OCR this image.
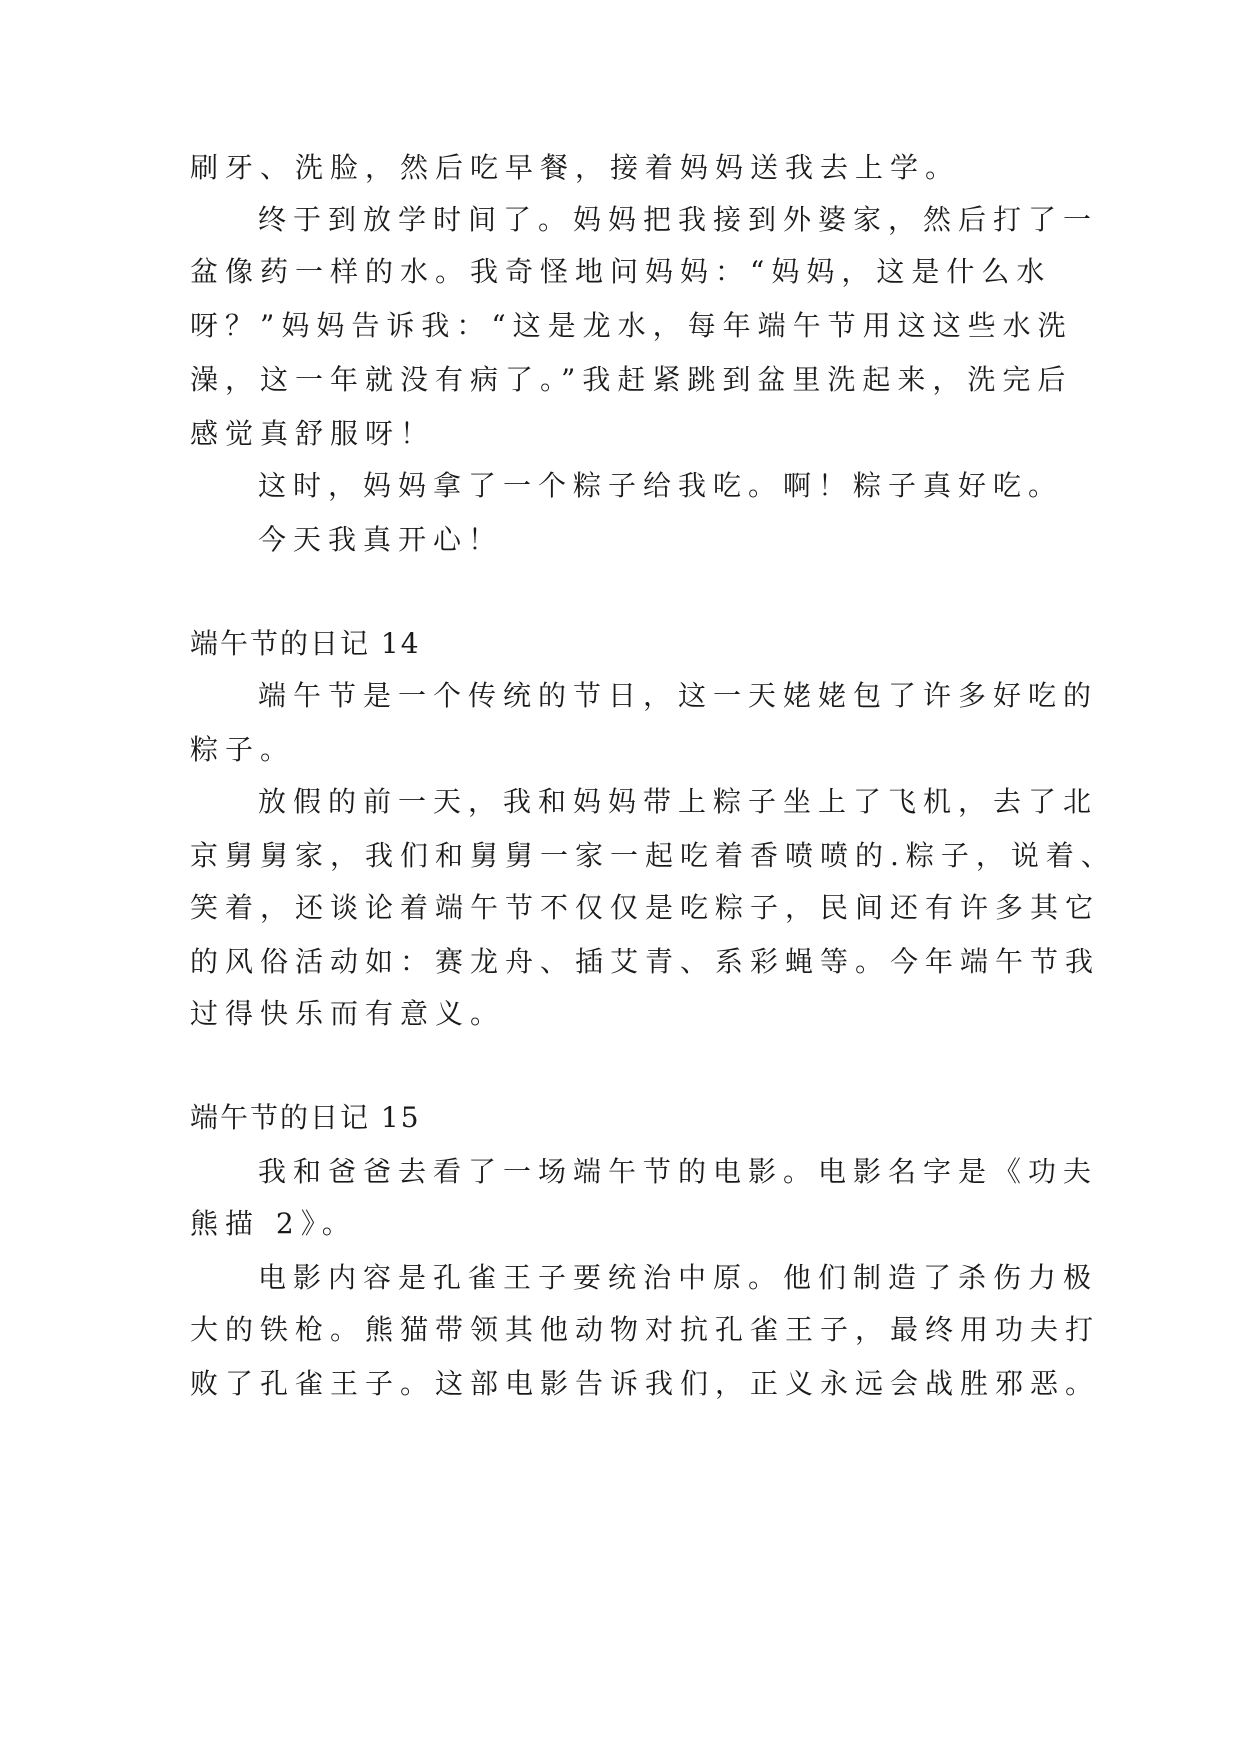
刷牙、洗脸，然后吃早餐，接着妈妈送我去上学。

终于到放学时间了。妈妈把我接到外婆家，然后打了一

盆像药一样的水。我奇怪地问妈妈：“妈妈，这是什么水

呀？”妈妈告诉我：“这是龙水，每年端午节用这这些水洗

澡，这一年就没有病了。”我赶紧跳到盆里洗起来，洗完后

感觉真舒服呀！

这时，妈妈拿了一个粽子给我吃。啊！粽子真好吃。

今天我真开心！

端午节的日记 14

端午节是一个传统的节日，这一天姥姥包了许多好吃的

粽子。

放假的前一天，我和妈妈带上粽子坐上了飞机，去了北

京舅舅家，我们和舅舅一家一起吃着香喷喷的.粽子，说着、

笑着，还谈论着端午节不仅仅是吃粽子，民间还有许多其它

的风俗活动如：赛龙舟、插艾青、系彩蝇等。今年端午节我

过得快乐而有意义。

端午节的日记 15

我和爸爸去看了一场端午节的电影。电影名字是《功夫

熊描 2》。

电影内容是孔雀王子要统治中原。他们制造了杀伤力极

大的铁枪。熊猫带领其他动物对抗孔雀王子，最终用功夫打

败了孔雀王子。这部电影告诉我们，正义永远会战胜邪恶。
